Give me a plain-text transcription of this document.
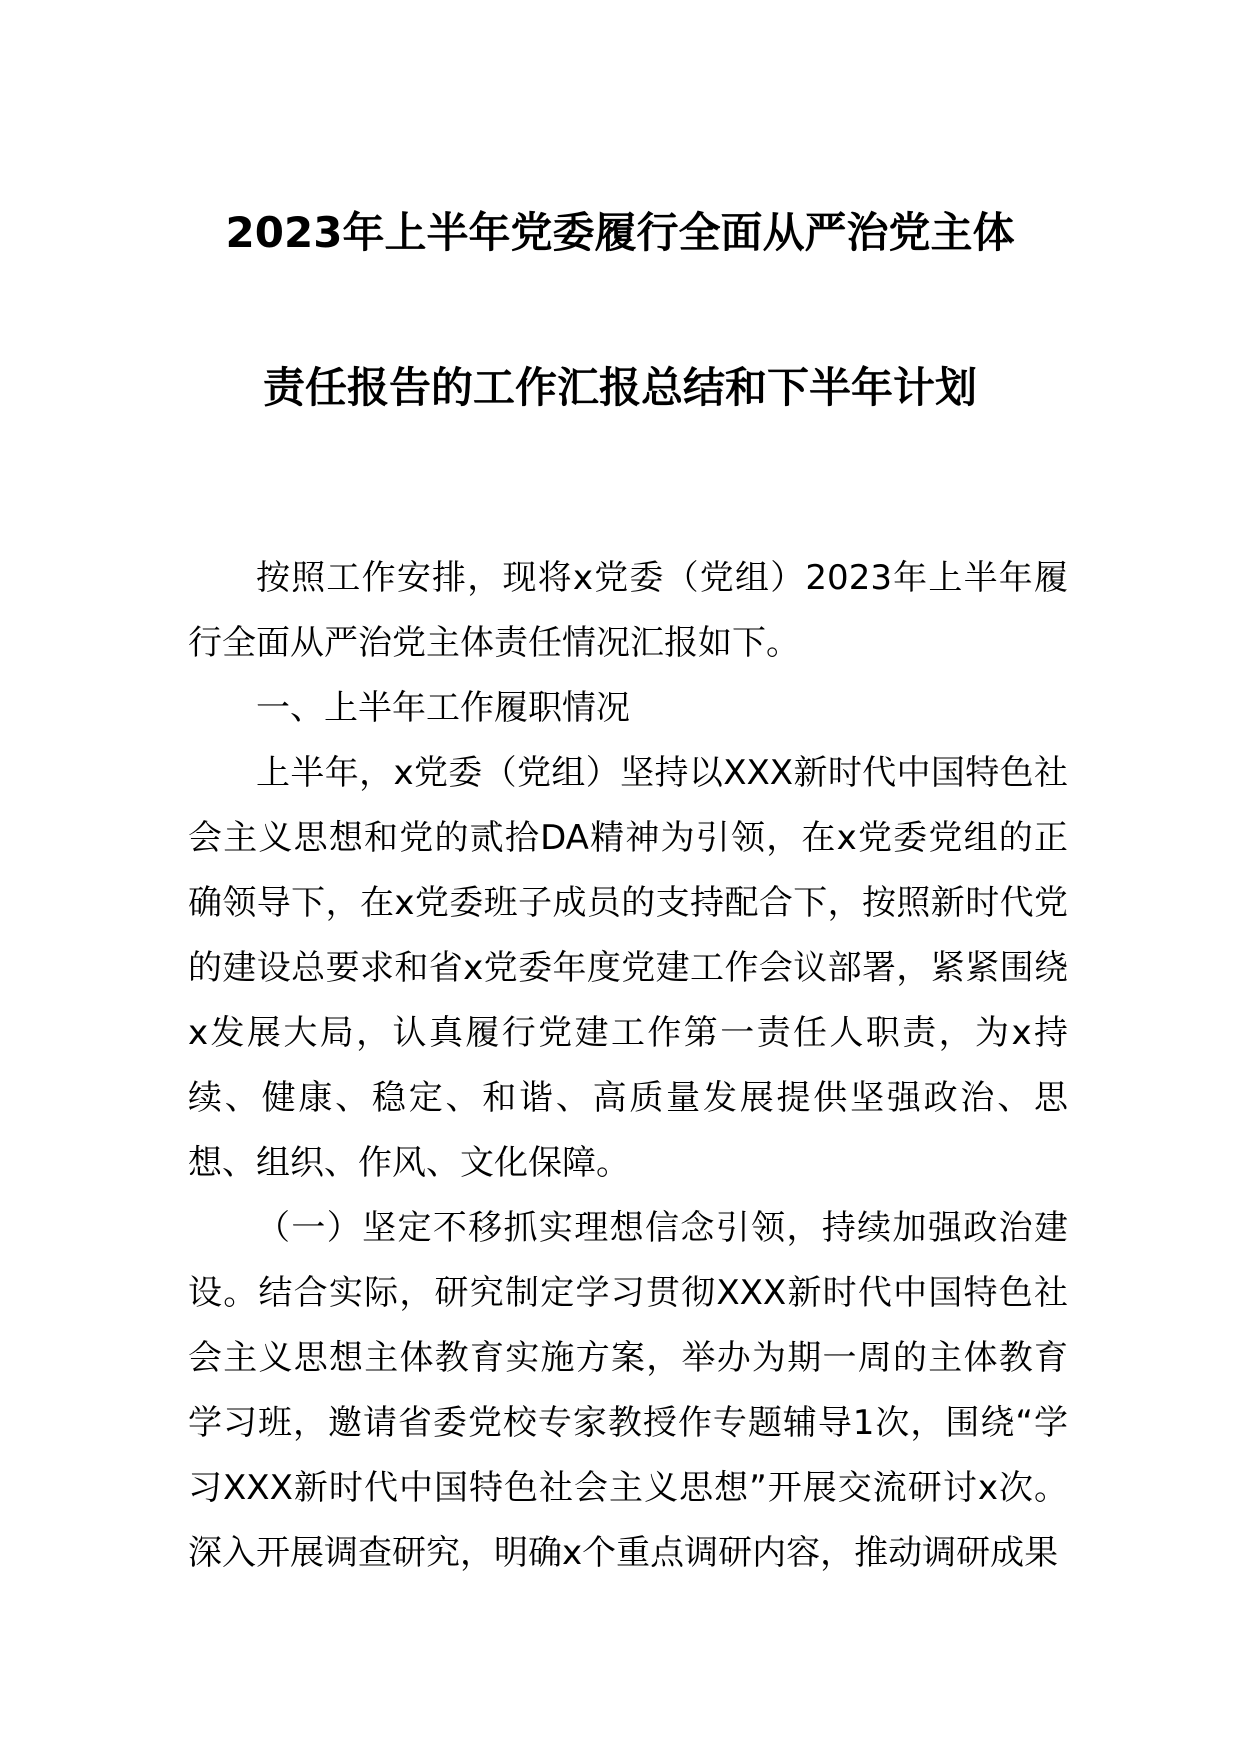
2023年上半年党委履行全面从严治党主体
责任报告的工作汇报总结和下半年计划

按照工作安排，现将x党委（党组）2023年上半年履行全面从严治党主体责任情况汇报如下。

一、上半年工作履职情况

上半年，x党委（党组）坚持以XXX新时代中国特色社会主义思想和党的贰拾DA精神为引领，在x党委党组的正确领导下，在x党委班子成员的支持配合下，按照新时代党的建设总要求和省x党委年度党建工作会议部署，紧紧围绕x发展大局，认真履行党建工作第一责任人职责，为x持续、健康、稳定、和谐、高质量发展提供坚强政治、思想、组织、作风、文化保障。

（一）坚定不移抓实理想信念引领，持续加强政治建设。结合实际，研究制定学习贯彻XXX新时代中国特色社会主义思想主体教育实施方案，举办为期一周的主体教育学习班，邀请省委党校专家教授作专题辅导1次，围绕“学习XXX新时代中国特色社会主义思想”开展交流研讨x次。深入开展调查研究，明确x个重点调研内容，推动调研成果
